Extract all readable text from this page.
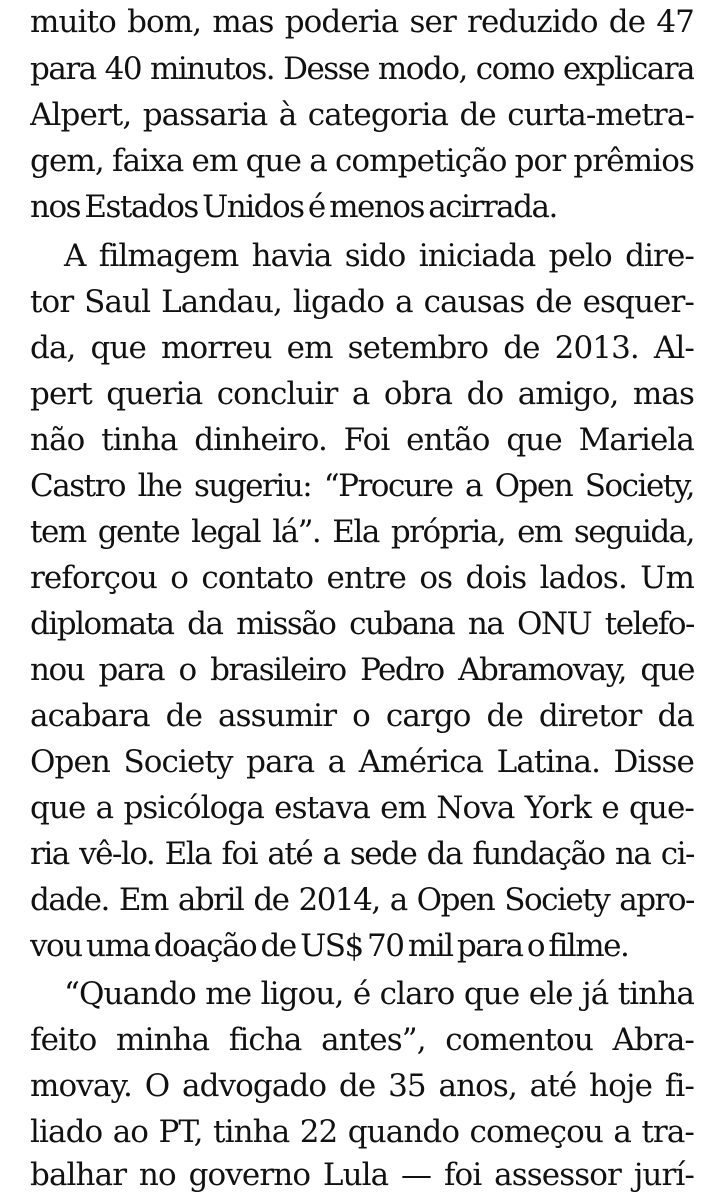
muito bom, mas poderia ser reduzido de 47
para 40 minutos. Desse modo, como explicara
Alpert, passaria à categoria de curta-metra-
gem, faixa em que a competição por prêmios
nos Estados Unidos é menos acirrada.
A filmagem havia sido iniciada pelo dire-
tor Saul Landau, ligado a causas de esquer-
da, que morreu em setembro de 2013. Al-
pert queria concluir a obra do amigo, mas
não tinha dinheiro. Foi então que Mariela
Castro lhe sugeriu: “Procure a Open Society,
tem gente legal lá”. Ela própria, em seguida,
reforçou o contato entre os dois lados. Um
diplomata da missão cubana na ONU telefo-
nou para o brasileiro Pedro Abramovay, que
acabara de assumir o cargo de diretor da
Open Society para a América Latina. Disse
que a psicóloga estava em Nova York e que-
ria vê-lo. Ela foi até a sede da fundação na ci-
dade. Em abril de 2014, a Open Society apro-
vou uma doação de US$ 70 mil para o filme.
“Quando me ligou, é claro que ele já tinha
feito minha ficha antes”, comentou Abra-
movay. O advogado de 35 anos, até hoje fi-
liado ao PT, tinha 22 quando começou a tra-
balhar no governo Lula — foi assessor jurí-
